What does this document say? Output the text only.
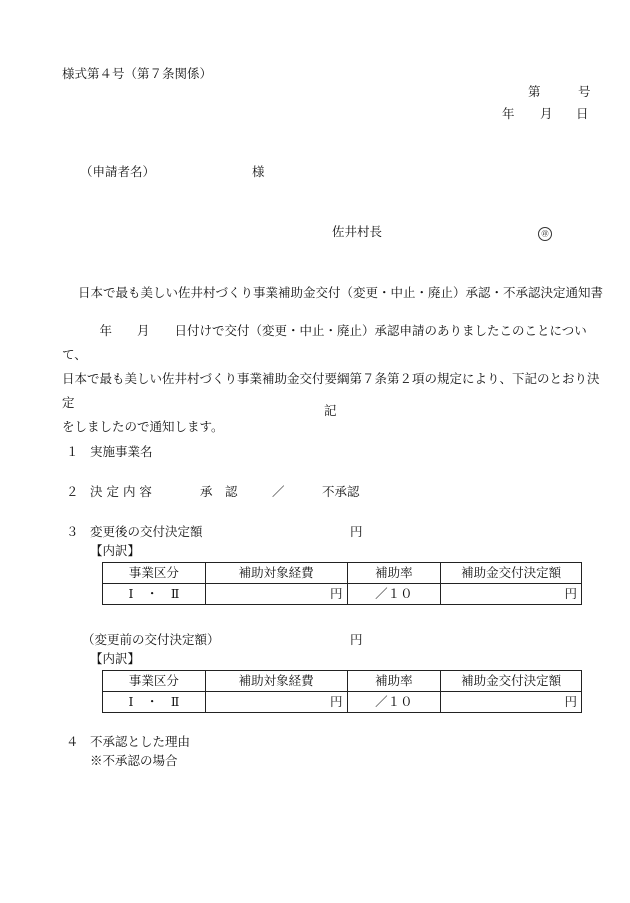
様式第４号（第７条関係）
第	号
年 月 日
（申請者名）	様
佐井村長	㊞
日本で最も美しい佐井村づくり事業補助金交付（変更・中止・廃止）承認・不承認決定通知書
　　　年　　月　　日付けで交付（変更・中止・廃止）承認申請のありましたこのことについて、
日本で最も美しい佐井村づくり事業補助金交付要綱第７条第２項の規定により、下記のとおり決定
をしましたので通知します。
記
１ 実施事業名
２ 決 定 内 容	承　認	／	不承認
３ 変更後の交付決定額	円
【内訳】
事業区分	補助対象経費	補助率	補助金交付決定額
Ⅰ　・　Ⅱ	円	／１０	円
（変更前の交付決定額）	円
【内訳】
事業区分	補助対象経費	補助率	補助金交付決定額
Ⅰ　・　Ⅱ	円	／１０	円
４ 不承認とした理由
※不承認の場合
